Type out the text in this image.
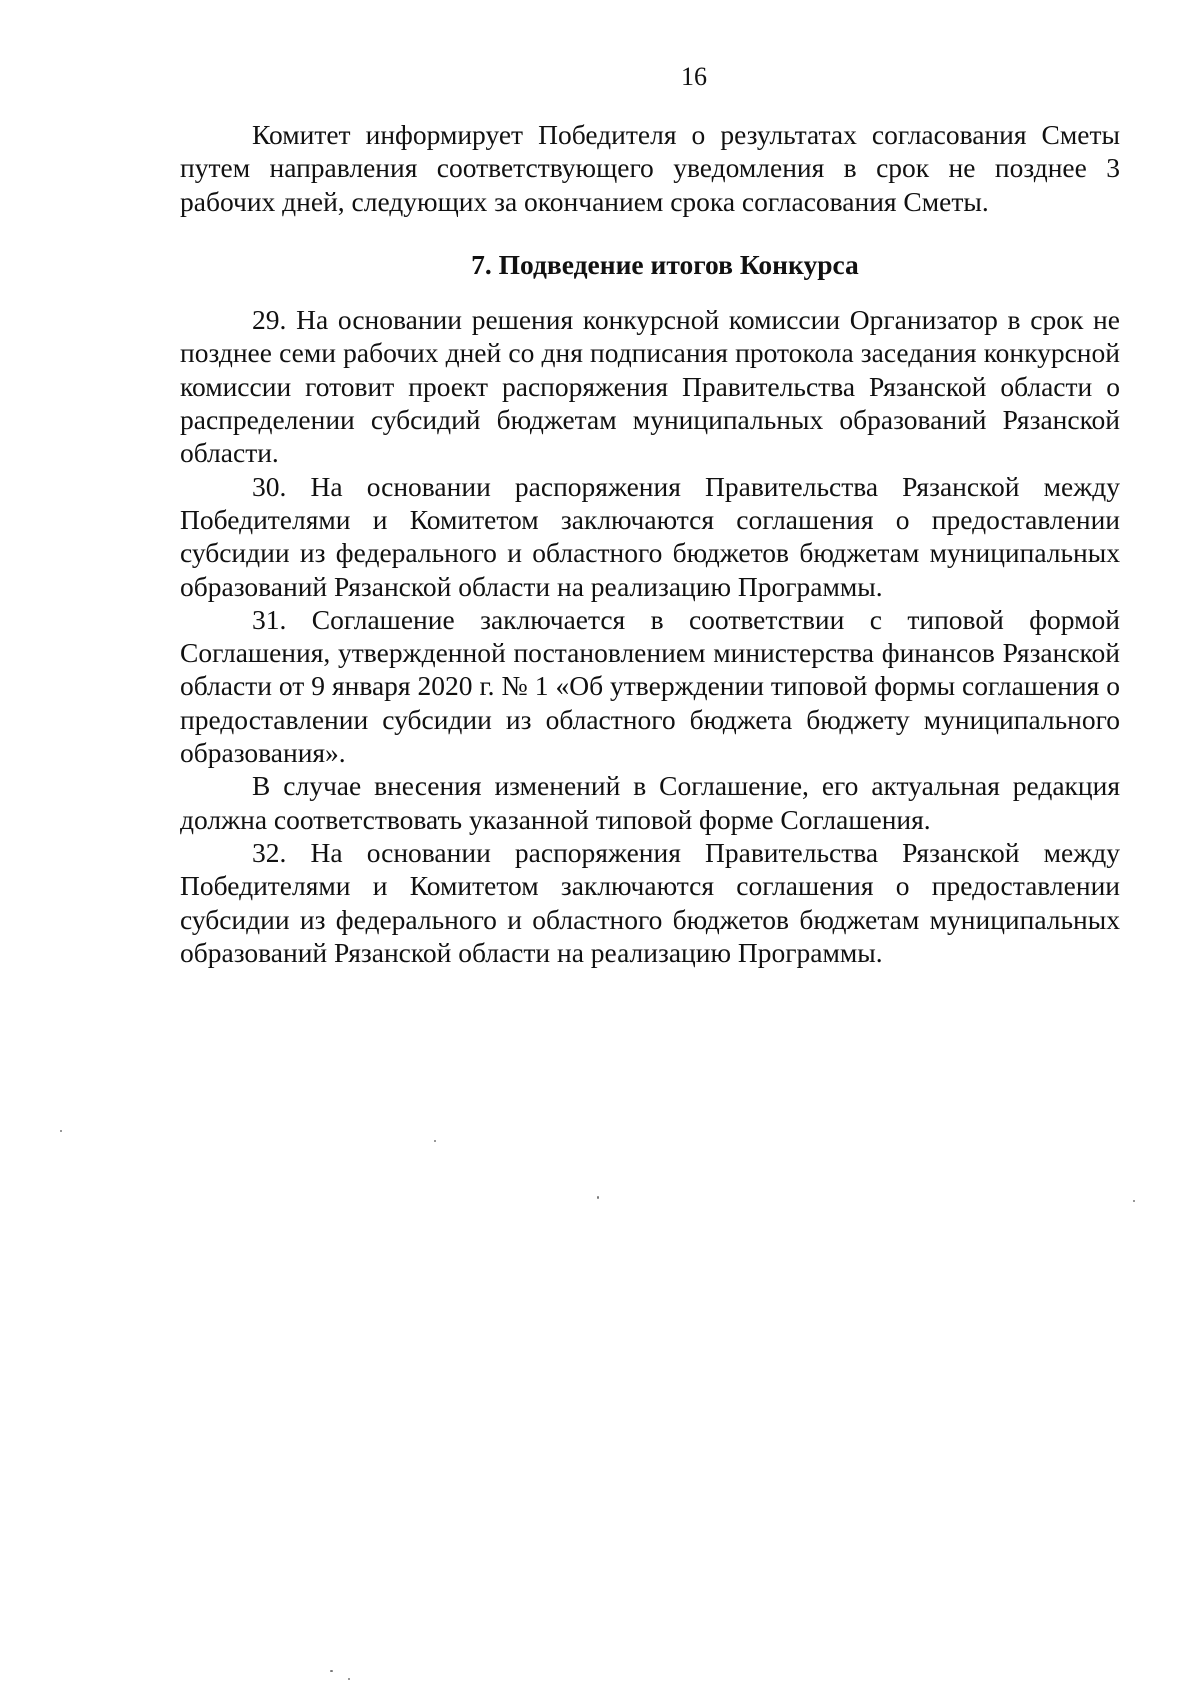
16

Комитет информирует Победителя о результатах согласования Сметы путем направления соответствующего уведомления в срок не позднее 3 рабочих дней, следующих за окончанием срока согласования Сметы.

7. Подведение итогов Конкурса

29. На основании решения конкурсной комиссии Организатор в срок не позднее семи рабочих дней со дня подписания протокола заседания конкурсной комиссии готовит проект распоряжения Правительства Рязанской области о распределении субсидий бюджетам муниципальных образований Рязанской области.

30. На основании распоряжения Правительства Рязанской между Победителями и Комитетом заключаются соглашения о предоставлении субсидии из федерального и областного бюджетов бюджетам муниципальных образований Рязанской области на реализацию Программы.

31. Соглашение заключается в соответствии с типовой формой Соглашения, утвержденной постановлением министерства финансов Рязанской области от 9 января 2020 г. № 1 «Об утверждении типовой формы соглашения о предоставлении субсидии из областного бюджета бюджету муниципального образования».

В случае внесения изменений в Соглашение, его актуальная редакция должна соответствовать указанной типовой форме Соглашения.

32. На основании распоряжения Правительства Рязанской между Победителями и Комитетом заключаются соглашения о предоставлении субсидии из федерального и областного бюджетов бюджетам муниципальных образований Рязанской области на реализацию Программы.
